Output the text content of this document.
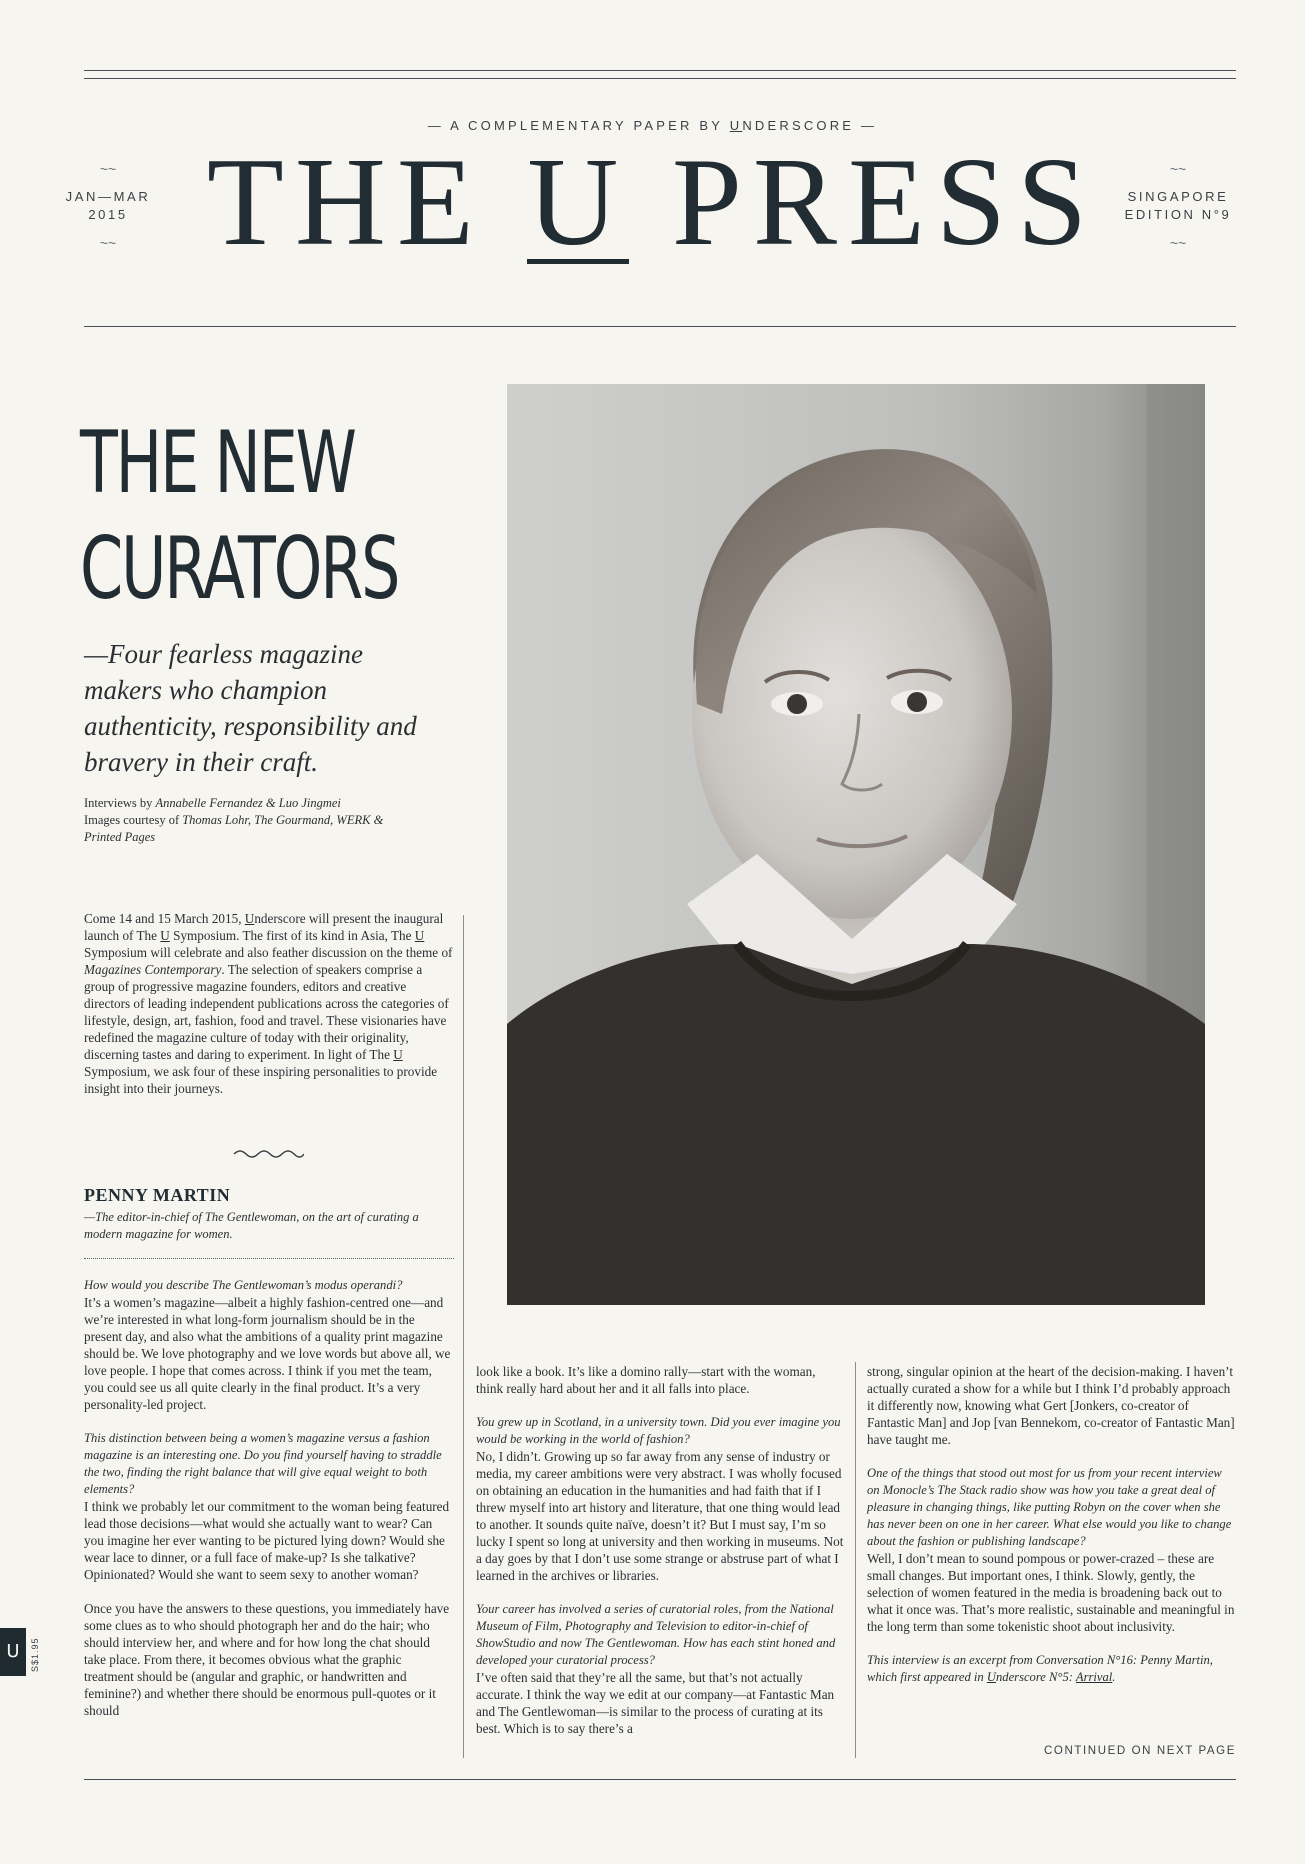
— A COMPLEMENTARY PAPER BY UNDERSCORE —
~~
JAN—MAR
2015
~~ THE U PRESS	~~
SINGAPORE
EDITION N°9
~~
THE NEW
CURATORS
—Four fearless magazine makers who champion authenticity, responsibility and bravery in their craft.
Interviews by Annabelle Fernandez & Luo Jingmei
Images courtesy of Thomas Lohr, The Gourmand, WERK & Printed Pages

Come 14 and 15 March 2015, Underscore will present the inaugural launch of The U Symposium. The first of its kind in Asia, The U Symposium will celebrate and also feather discussion on the theme of Magazines Contemporary. The selection of speakers comprise a group of progressive magazine founders, editors and creative directors of leading independent publications across the categories of lifestyle, design, art, fashion, food and travel. These visionaries have redefined the magazine culture of today with their originality, discerning tastes and daring to experiment. In light of The U Symposium, we ask four of these inspiring personalities to provide insight into their journeys.

PENNY MARTIN
—The editor-in-chief of The Gentlewoman, on the art of curating a modern magazine for women.

How would you describe The Gentlewoman’s modus operandi?

It’s a women’s magazine—albeit a highly fashion-centred one—and we’re interested in what long-form journalism should be in the present day, and also what the ambitions of a quality print magazine should be. We love photography and we love words but above all, we love people. I hope that comes across. I think if you met the team, you could see us all quite clearly in the final product. It’s a very personality-led project.

This distinction between being a women’s magazine versus a fashion magazine is an interesting one. Do you find yourself having to straddle the two, finding the right balance that will give equal weight to both elements?

I think we probably let our commitment to the woman being featured lead those decisions—what would she actually want to wear? Can you imagine her ever wanting to be pictured lying down? Would she wear lace to dinner, or a full face of make-up? Is she talkative? Opinionated? Would she want to seem sexy to another woman?

Once you have the answers to these questions, you immediately have some clues as to who should photograph her and do the hair; who should interview her, and where and for how long the chat should take place. From there, it becomes obvious what the graphic treatment should be (angular and graphic, or handwritten and feminine?) and whether there should be enormous pull-quotes or it should

look like a book. It’s like a domino rally—start with the woman, think really hard about her and it all falls into place.

You grew up in Scotland, in a university town. Did you ever imagine you would be working in the world of fashion?

No, I didn’t. Growing up so far away from any sense of industry or media, my career ambitions were very abstract. I was wholly focused on obtaining an education in the humanities and had faith that if I threw myself into art history and literature, that one thing would lead to another. It sounds quite naïve, doesn’t it? But I must say, I’m so lucky I spent so long at university and then working in museums. Not a day goes by that I don’t use some strange or abstruse part of what I learned in the archives or libraries.

Your career has involved a series of curatorial roles, from the National Museum of Film, Photography and Television to editor-in-chief of ShowStudio and now The Gentlewoman. How has each stint honed and developed your curatorial process?

I’ve often said that they’re all the same, but that’s not actually accurate. I think the way we edit at our company—at Fantastic Man and The Gentlewoman—is similar to the process of curating at its best. Which is to say there’s a

strong, singular opinion at the heart of the decision-making. I haven’t actually curated a show for a while but I think I’d probably approach it differently now, knowing what Gert [Jonkers, co-creator of Fantastic Man] and Jop [van Bennekom, co-creator of Fantastic Man] have taught me.

One of the things that stood out most for us from your recent interview on Monocle’s The Stack radio show was how you take a great deal of pleasure in changing things, like putting Robyn on the cover when she has never been on one in her career. What else would you like to change about the fashion or publishing landscape?

Well, I don’t mean to sound pompous or power-crazed – these are small changes. But important ones, I think. Slowly, gently, the selection of women featured in the media is broadening back out to what it once was. That’s more realistic, sustainable and meaningful in the long term than some tokenistic shoot about inclusivity.

This interview is an excerpt from Conversation N°16: Penny Martin, which first appeared in Underscore N°5: Arrival.

CONTINUED ON NEXT PAGE
U	S$1.95
